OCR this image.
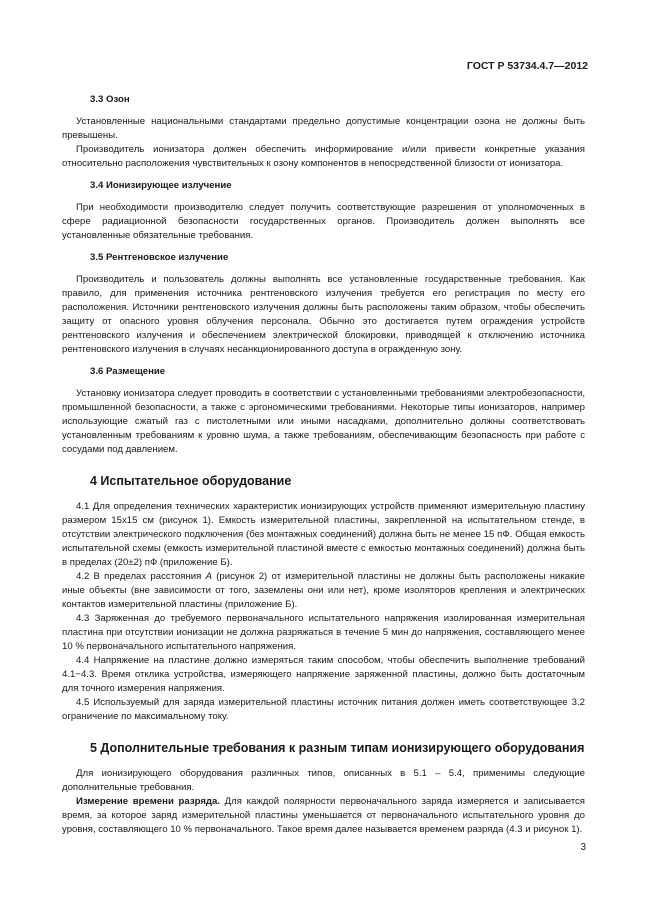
ГОСТ Р 53734.4.7—2012

3.3 Озон

Установленные национальными стандартами предельно допустимые концентрации озона не должны быть превышены.

Производитель ионизатора должен обеспечить информирование и/или привести конкретные указания относительно расположения чувствительных к озону компонентов в непосредственной близости от ионизатора.

3.4 Ионизирующее излучение

При необходимости производителю следует получить соответствующие разрешения от уполномоченных в сфере радиационной безопасности государственных органов. Производитель должен выполнять все установленные обязательные требования.

3.5 Рентгеновское излучение

Производитель и пользователь должны выполнять все установленные государственные требования. Как правило, для применения источника рентгеновского излучения требуется его регистрация по месту его расположения. Источники рентгеновского излучения должны быть расположены таким образом, чтобы обеспечить защиту от опасного уровня облучения персонала. Обычно это достигается путем ограждения устройств рентгеновского излучения и обеспечением электрической блокировки, приводящей к отключению источника рентгеновского излучения в случаях несанкционированного доступа в огражденную зону.

3.6 Размещение

Установку ионизатора следует проводить в соответствии с установленными требованиями электробезопасности, промышленной безопасности, а также с эргономическими требованиями. Некоторые типы ионизаторов, например использующие сжатый газ с пистолетными или иными насадками, дополнительно должны соответствовать установленным требованиям к уровню шума, а также требованиям, обеспечивающим безопасность при работе с сосудами под давлением.

4 Испытательное оборудование

4.1 Для определения технических характеристик ионизирующих устройств применяют измерительную пластину размером 15х15 см (рисунок 1). Емкость измерительной пластины, закрепленной на испытательном стенде, в отсутствии электрического подключения (без монтажных соединений) должна быть не менее 15 пФ. Общая емкость испытательной схемы (емкость измерительной пластиной вместе с емкостью монтажных соединений) должна быть в пределах (20±2) пФ (приложение Б).

4.2 В пределах расстояния А (рисунок 2) от измерительной пластины не должны быть расположены никакие иные объекты (вне зависимости от того, заземлены они или нет), кроме изоляторов крепления и электрических контактов измерительной пластины (приложение Б).

4.3 Заряженная до требуемого первоначального испытательного напряжения изолированная измерительная пластина при отсутствии ионизации не должна разряжаться в течение 5 мин до напряжения, составляющего менее 10 % первоначального испытательного напряжения.

4.4 Напряжение на пластине должно измеряться таким способом, чтобы обеспечить выполнение требований 4.1−4.3. Время отклика устройства, измеряющего напряжение заряженной пластины, должно быть достаточным для точного измерения напряжения.

4.5 Используемый для заряда измерительной пластины источник питания должен иметь соответствующее 3.2 ограничение по максимальному току.

5 Дополнительные требования к разным типам ионизирующего оборудования

Для ионизирующего оборудования различных типов, описанных в 5.1 – 5.4, применимы следующие дополнительные требования.

Измерение времени разряда. Для каждой полярности первоначального заряда измеряется и записывается время, за которое заряд измерительной пластины уменьшается от первоначального испытательного уровня до уровня, составляющего 10 % первоначального. Такое время далее называется временем разряда (4.3 и рисунок 1).

3
